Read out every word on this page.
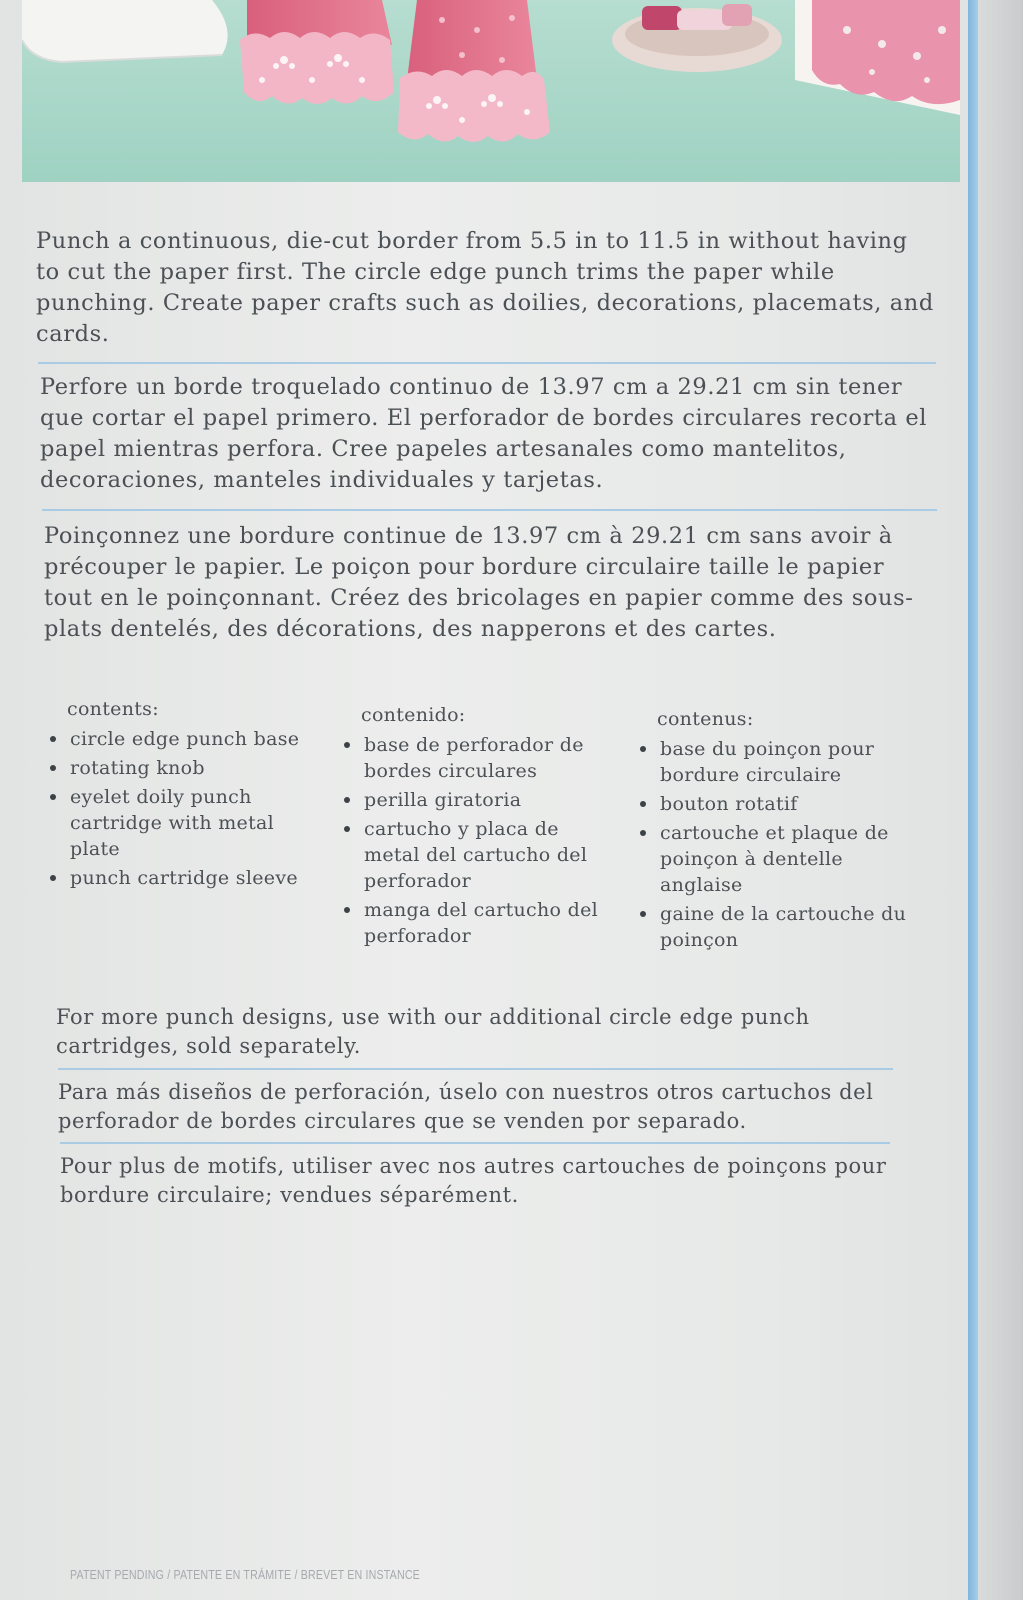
Punch a continuous, die-cut border from 5.5 in to 11.5 in without having to cut the paper first. The circle edge punch trims the paper while punching. Create paper crafts such as doilies, decorations, placemats, and cards.

Perfore un borde troquelado continuo de 13.97 cm a 29.21 cm sin tener que cortar el papel primero. El perforador de bordes circulares recorta el papel mientras perfora. Cree papeles artesanales como mantelitos, decoraciones, manteles individuales y tarjetas.

Poinçonnez une bordure continue de 13.97 cm à 29.21 cm sans avoir à précouper le papier. Le poiçon pour bordure circulaire taille le papier tout en le poinçonnant. Créez des bricolages en papier comme des sous-plats dentelés, des décorations, des napperons et des cartes.

contents:

circle edge punch base
rotating knob
eyelet doily punch cartridge with metal plate
punch cartridge sleeve

contenido:

base de perforador de bordes circulares
perilla giratoria
cartucho y placa de metal del cartucho del perforador
manga del cartucho del perforador

contenus:

base du poinçon pour bordure circulaire
bouton rotatif
cartouche et plaque de poinçon à dentelle anglaise
gaine de la cartouche du poinçon

For more punch designs, use with our additional circle edge punch cartridges, sold separately.

Para más diseños de perforación, úselo con nuestros otros cartuchos del perforador de bordes circulares que se venden por separado.

Pour plus de motifs, utiliser avec nos autres cartouches de poinçons pour bordure circulaire; vendues séparément.

PATENT PENDING / PATENTE EN TRÁMITE / BREVET EN INSTANCE
